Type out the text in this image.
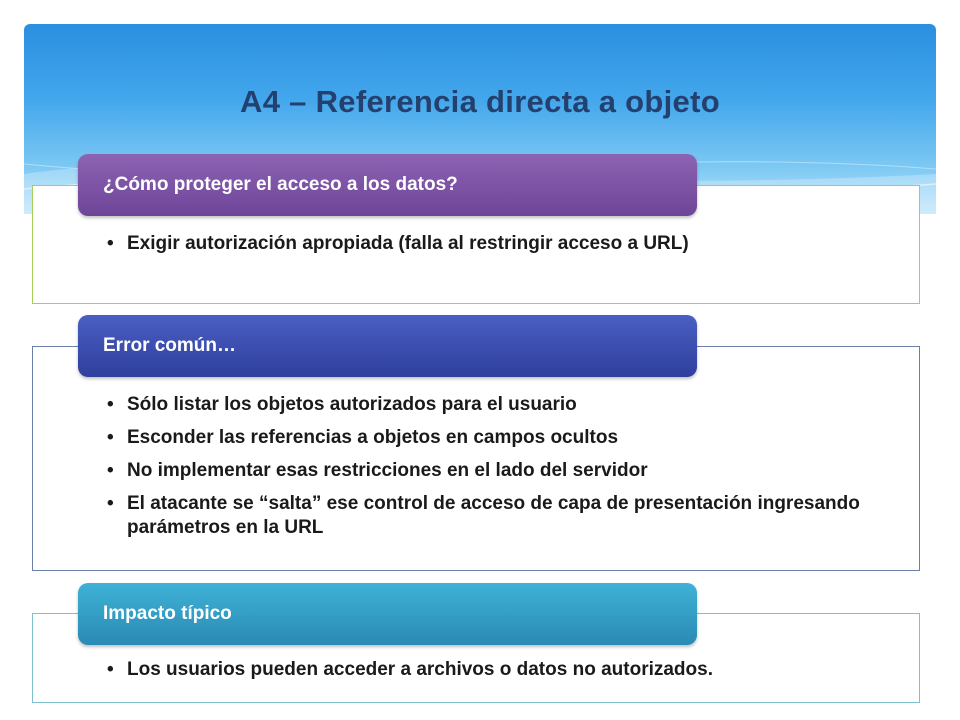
A4 – Referencia directa a objeto
• Exigir autorización apropiada (falla al restringir acceso a URL)
¿Cómo proteger el acceso a los datos?
• Sólo listar los objetos autorizados para el usuario
• Esconder las referencias a objetos en campos ocultos
• No implementar esas restricciones en el lado del servidor
• El atacante se “salta” ese control de acceso de capa de presentación ingresando parámetros en la URL
Error común…
• Los usuarios pueden acceder a archivos o datos no autorizados.
Impacto típico
